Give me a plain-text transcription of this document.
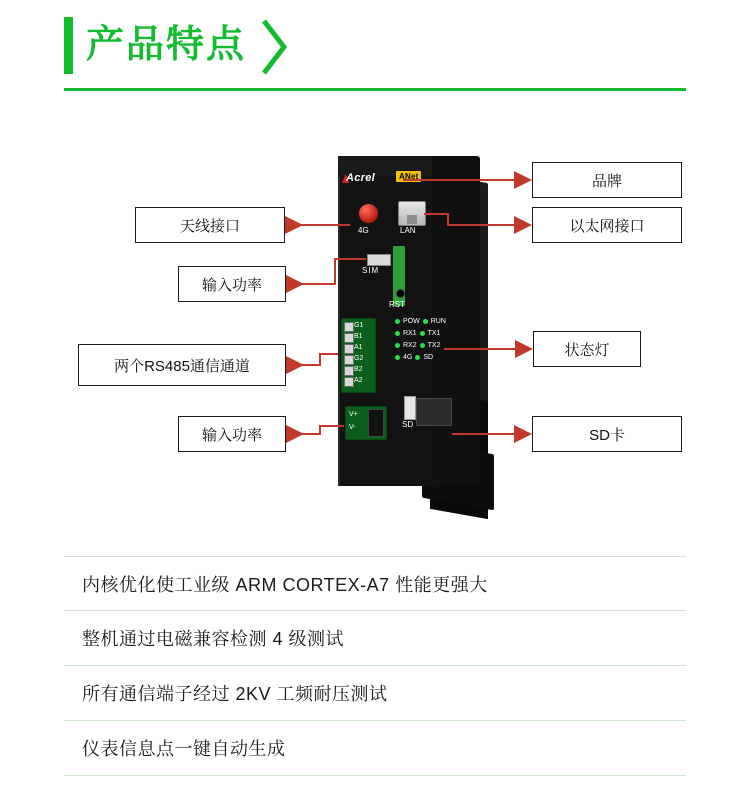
产品特点
Acrel	ANet
4G	LAN
SIM
RST
POW RUN
RX1 TX1
RX2 TX2
4G SD
G1
B1
A1
G2
B2
A2
V+
V-	SD
品牌
以太网接口
天线接口
输入功率
两个RS485通信通道
状态灯
输入功率	SD卡
内核优化使工业级 ARM CORTEX-A7 性能更强大
整机通过电磁兼容检测 4 级测试
所有通信端子经过 2KV 工频耐压测试
仪表信息点一键自动生成
